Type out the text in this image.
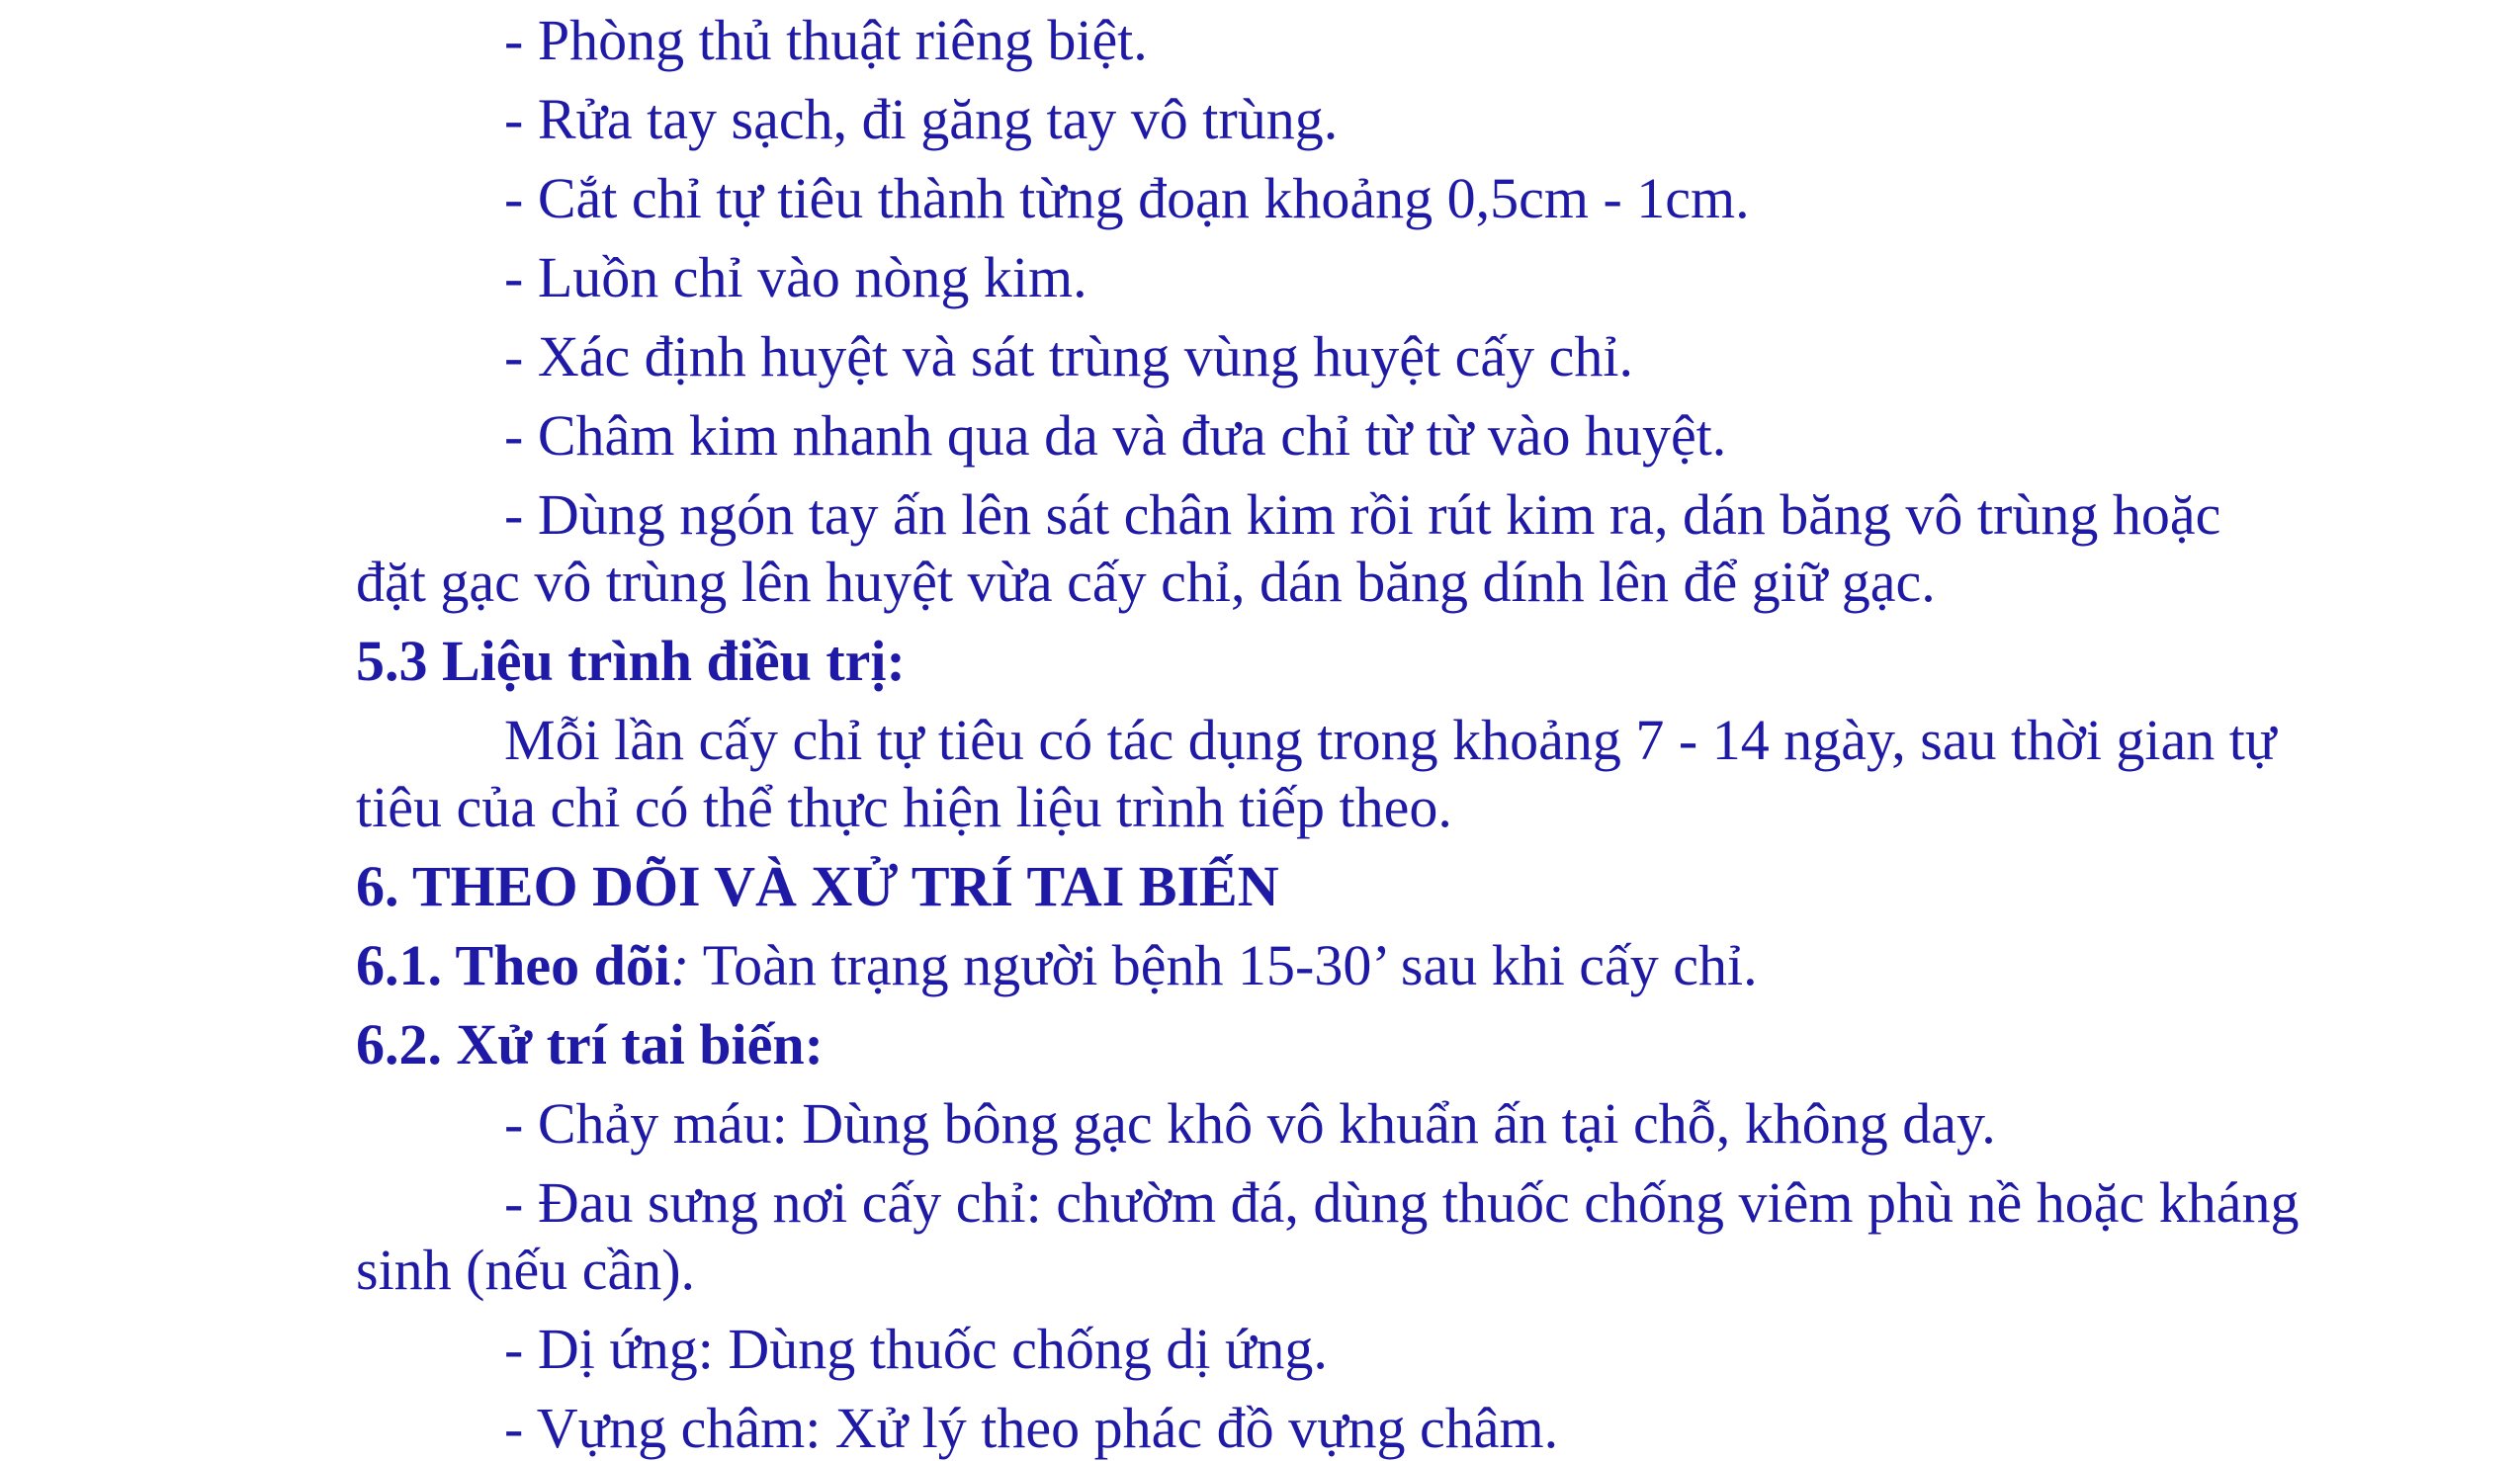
- Phòng thủ thuật riêng biệt.
- Rửa tay sạch, đi găng tay vô trùng.
- Cắt chỉ tự tiêu thành từng đoạn khoảng 0,5cm - 1cm.
- Luồn chỉ vào nòng kim.
- Xác định huyệt và sát trùng vùng huyệt cấy chỉ.
- Châm kim nhanh qua da và đưa chỉ từ từ vào huyệt.
- Dùng ngón tay ấn lên sát chân kim rồi rút kim ra, dán băng vô trùng hoặc
đặt gạc vô trùng lên huyệt vừa cấy chỉ, dán băng dính lên để giữ gạc.
5.3 Liệu trình điều trị:
Mỗi lần cấy chỉ tự tiêu có tác dụng trong khoảng 7 - 14 ngày, sau thời gian tự
tiêu của chỉ có thể thực hiện liệu trình tiếp theo.
6. THEO DÕI VÀ XỬ TRÍ TAI BIẾN
6.1. Theo dõi: Toàn trạng người bệnh 15-30’ sau khi cấy chỉ.
6.2. Xử trí tai biến:
- Chảy máu: Dùng bông gạc khô vô khuẩn ấn tại chỗ, không day.
- Đau sưng nơi cấy chỉ: chườm đá, dùng thuốc chống viêm phù nề hoặc kháng
sinh (nếu cần).
- Dị ứng: Dùng thuốc chống dị ứng.
- Vựng châm: Xử lý theo phác đồ vựng châm.
